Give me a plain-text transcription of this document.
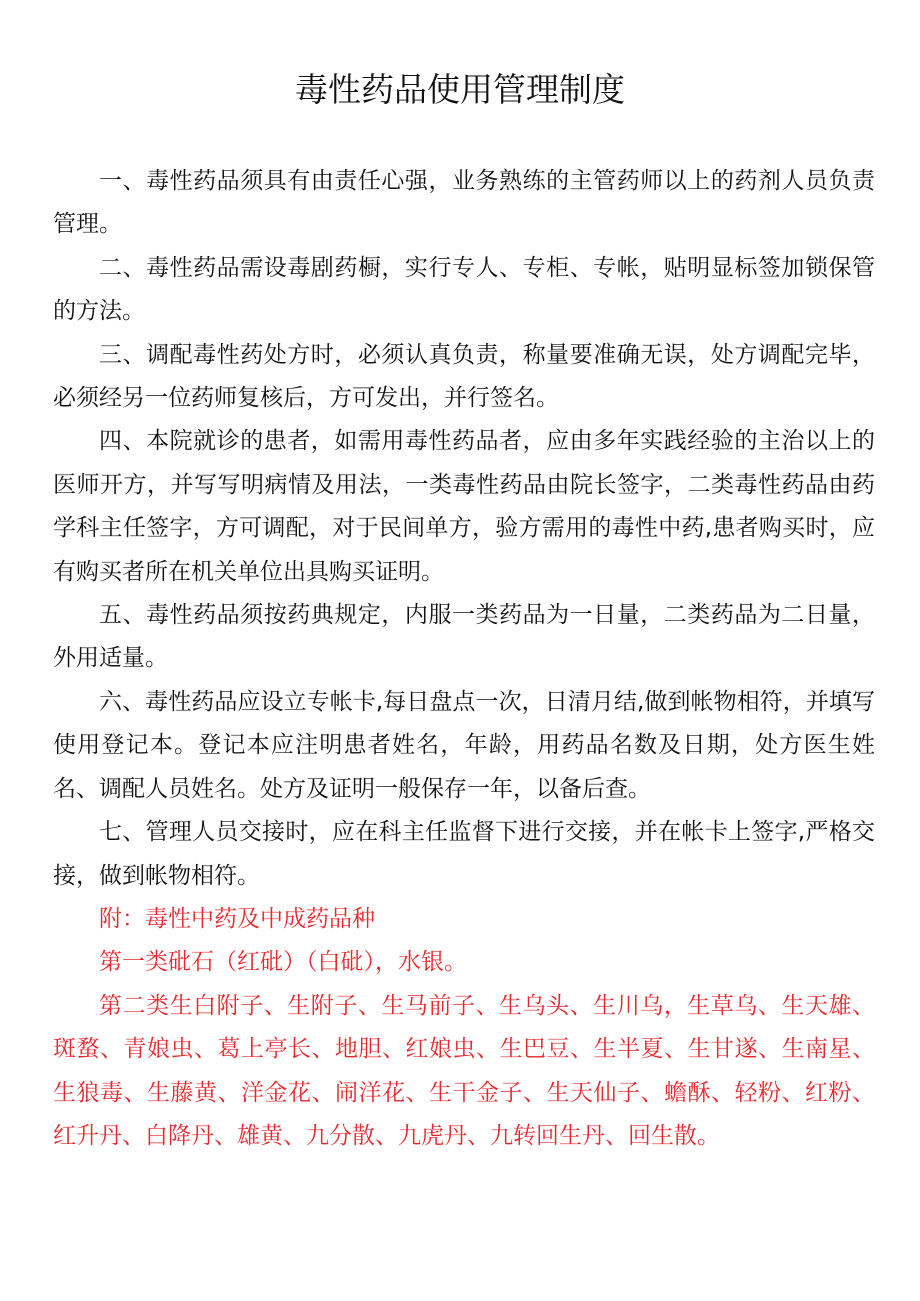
毒性药品使用管理制度

一、毒性药品须具有由责任心强，业务熟练的主管药师以上的药剂人员负责管理。

二、毒性药品需设毒剧药橱，实行专人、专柜、专帐，贴明显标签加锁保管的方法。

三、调配毒性药处方时，必须认真负责，称量要准确无误，处方调配完毕，必须经另一位药师复核后，方可发出，并行签名。

四、本院就诊的患者，如需用毒性药品者，应由多年实践经验的主治以上的医师开方，并写写明病情及用法，一类毒性药品由院长签字，二类毒性药品由药学科主任签字，方可调配，对于民间单方，验方需用的毒性中药,患者购买时，应有购买者所在机关单位出具购买证明。

五、毒性药品须按药典规定，内服一类药品为一日量，二类药品为二日量，外用适量。

六、毒性药品应设立专帐卡,每日盘点一次，日清月结,做到帐物相符，并填写使用登记本。登记本应注明患者姓名，年龄，用药品名数及日期，处方医生姓名、调配人员姓名。处方及证明一般保存一年，以备后查。

七、管理人员交接时，应在科主任监督下进行交接，并在帐卡上签字,严格交接，做到帐物相符。

附：毒性中药及中成药品种

第一类砒石（红砒）（白砒），水银。

第二类生白附子、生附子、生马前子、生乌头、生川乌，生草乌、生天雄、斑蝥、青娘虫、葛上亭长、地胆、红娘虫、生巴豆、生半夏、生甘遂、生南星、生狼毒、生藤黄、洋金花、闹洋花、生干金子、生天仙子、蟾酥、轻粉、红粉、红升丹、白降丹、雄黄、九分散、九虎丹、九转回生丹、回生散。
